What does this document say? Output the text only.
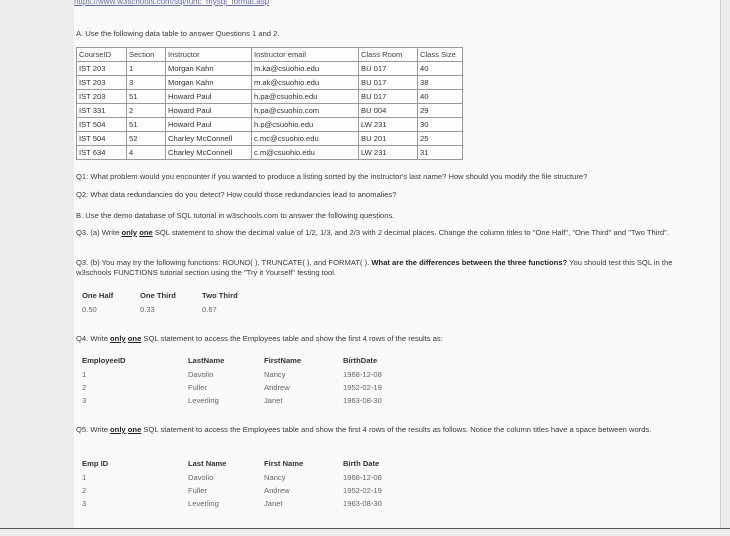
https://www.w3schools.com/sql/func_mysql_format.asp
A. Use the following data table to answer Questions 1 and 2.
CourseID	Section	Instructor	Instructor email	Class Room	Class Size
IST 203	1	Morgan Kahn	m.ka@csuohio.edu	BU 017	40
IST 203	3	Morgan Kahn	m.ak@csuohio.edu	BU 017	38
IST 203	51	Howard Paul	h.pa@csuohio.edu	BU 017	40
IST 331	2	Howard Paul	h.pa@csuohio.com	BU 004	29
IST 504	51	Howard Paul	h.p@csuohio.edu	LW 231	30
IST 504	52	Charley McConnell	c.mc@csuohio.edu	BU 201	25
IST 634	4	Charley McConnell	c.m@csuohio.edu	LW 231	31
Q1: What problem would you encounter if you wanted to produce a listing sorted by the instructor's last name? How should you modify the file structure?
Q2: What data redundancies do you detect? How could those redundancies lead to anomalies?
B. Use the demo database of SQL tutorial in w3schools.com to answer the following questions.
Q3. (a) Write only one SQL statement to show the decimal value of 1/2, 1/3, and 2/3 with 2 decimal places. Change the column titles to "One Half", "One Third" and "Two Third".
Q3. (b) You may try the following functions: ROUND( ), TRUNCATE( ), and FORMAT( ). What are the differences between the three functions? You should test this SQL in the w3schools FUNCTIONS tutorial section using the "Try it Yourself" testing tool.
One Half	One Third	Two Third
0.50	0.33	0.67
Q4. Write only one SQL statement to access the Employees table and show the first 4 rows of the results as:
EmployeeID	LastName	FirstName	BirthDate
1	Davolio	Nancy	1968-12-08
2	Fuller	Andrew	1952-02-19
3	Leverling	Janet	1963-08-30
Q5. Write only one SQL statement to access the Employees table and show the first 4 rows of the results as follows. Notice the column titles have a space between words.
Emp ID	Last Name	First Name	Birth Date
1	Davolio	Nancy	1968-12-08
2	Fuller	Andrew	1952-02-19
3	Leverling	Janet	1963-08-30
